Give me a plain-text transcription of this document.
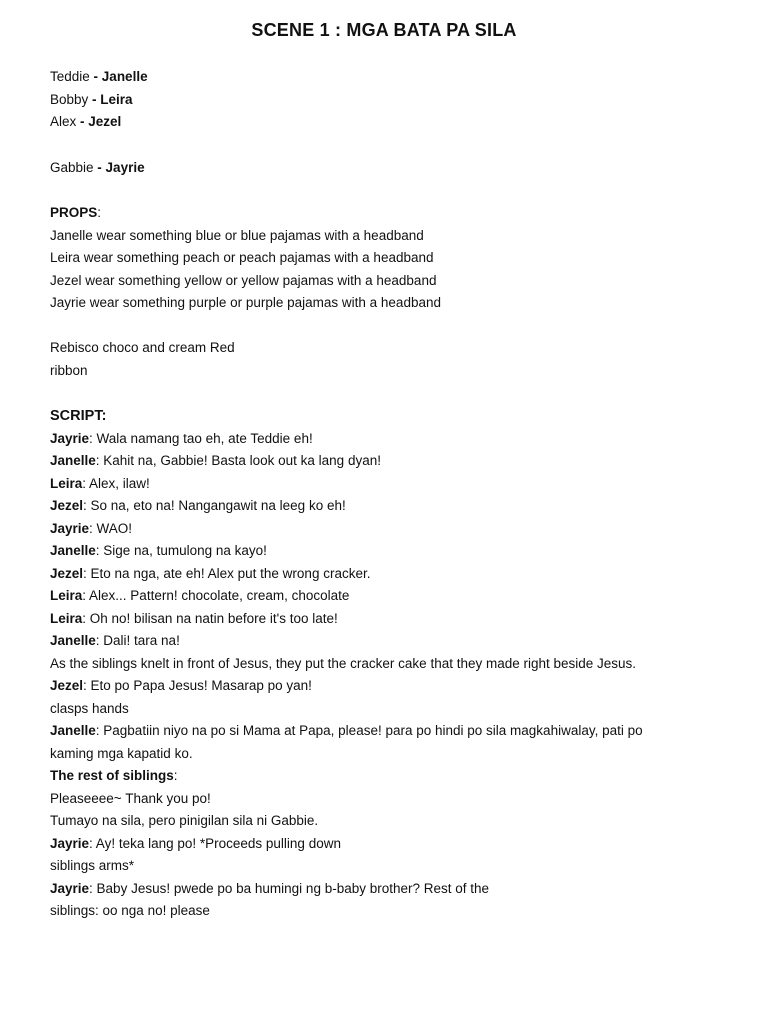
SCENE 1 : MGA BATA PA SILA
Teddie - Janelle
Bobby - Leira
Alex - Jezel
Gabbie - Jayrie
PROPS:
Janelle wear something blue or blue pajamas with a headband
Leira wear something peach or peach pajamas with a headband
Jezel wear something yellow or yellow pajamas with a headband
Jayrie wear something purple or purple pajamas with a headband
Rebisco choco and cream Red
ribbon
SCRIPT:
Jayrie: Wala namang tao eh, ate Teddie eh!
Janelle: Kahit na, Gabbie! Basta look out ka lang dyan!
Leira: Alex, ilaw!
Jezel: So na, eto na! Nangangawit na leeg ko eh!
Jayrie: WAO!
Janelle: Sige na, tumulong na kayo!
Jezel: Eto na nga, ate eh! Alex put the wrong cracker.
Leira: Alex... Pattern! chocolate, cream, chocolate
Leira: Oh no! bilisan na natin before it's too late!
Janelle: Dali! tara na!
As the siblings knelt in front of Jesus, they put the cracker cake that they made right beside Jesus.
Jezel: Eto po Papa Jesus! Masarap po yan!
clasps hands
Janelle: Pagbatiin niyo na po si Mama at Papa, please! para po hindi po sila magkahiwalay, pati po
kaming mga kapatid ko.
The rest of siblings:
Pleaseeee~ Thank you po!
Tumayo na sila, pero pinigilan sila ni Gabbie.
Jayrie: Ay! teka lang po! *Proceeds pulling down
siblings arms*
Jayrie: Baby Jesus! pwede po ba humingi ng b-baby brother? Rest of the
siblings: oo nga no! please
